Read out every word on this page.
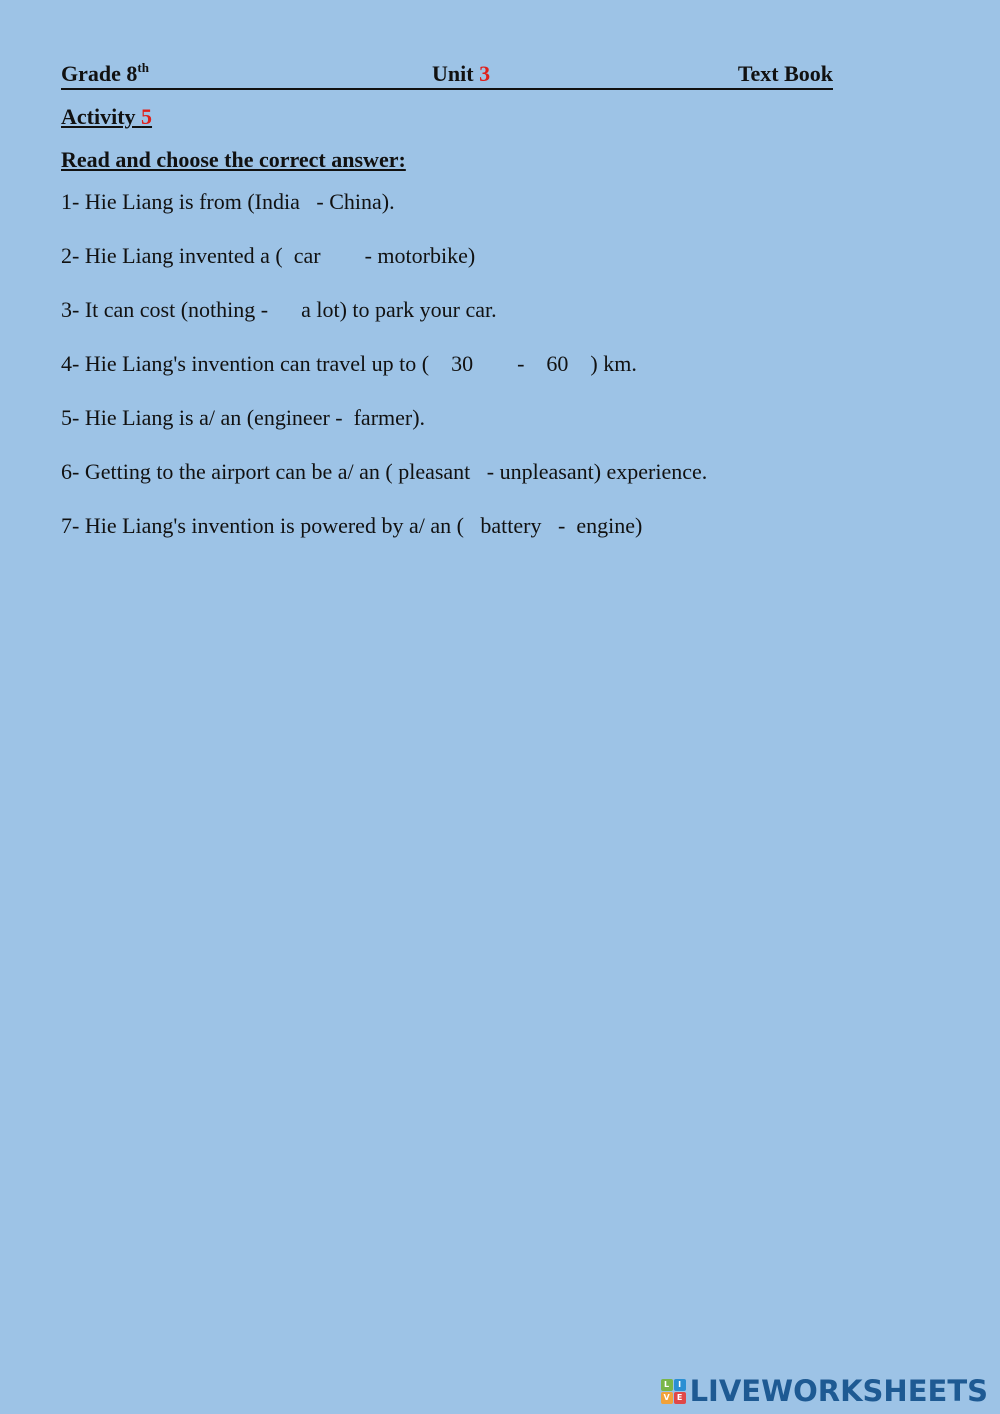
Grade 8th	Unit 3	Text Book
Activity 5
Read and choose the correct answer:
1- Hie Liang is from (India   - China).
2- Hie Liang invented a (  car        - motorbike)
3- It can cost (nothing -      a lot) to park your car.
4- Hie Liang's invention can travel up to (    30        -    60    ) km.
5- Hie Liang is a/ an (engineer -  farmer).
6- Getting to the airport can be a/ an ( pleasant   - unpleasant) experience.
7- Hie Liang's invention is powered by a/ an (   battery   -  engine)
L	I
V E LIVEWORKSHEETS
